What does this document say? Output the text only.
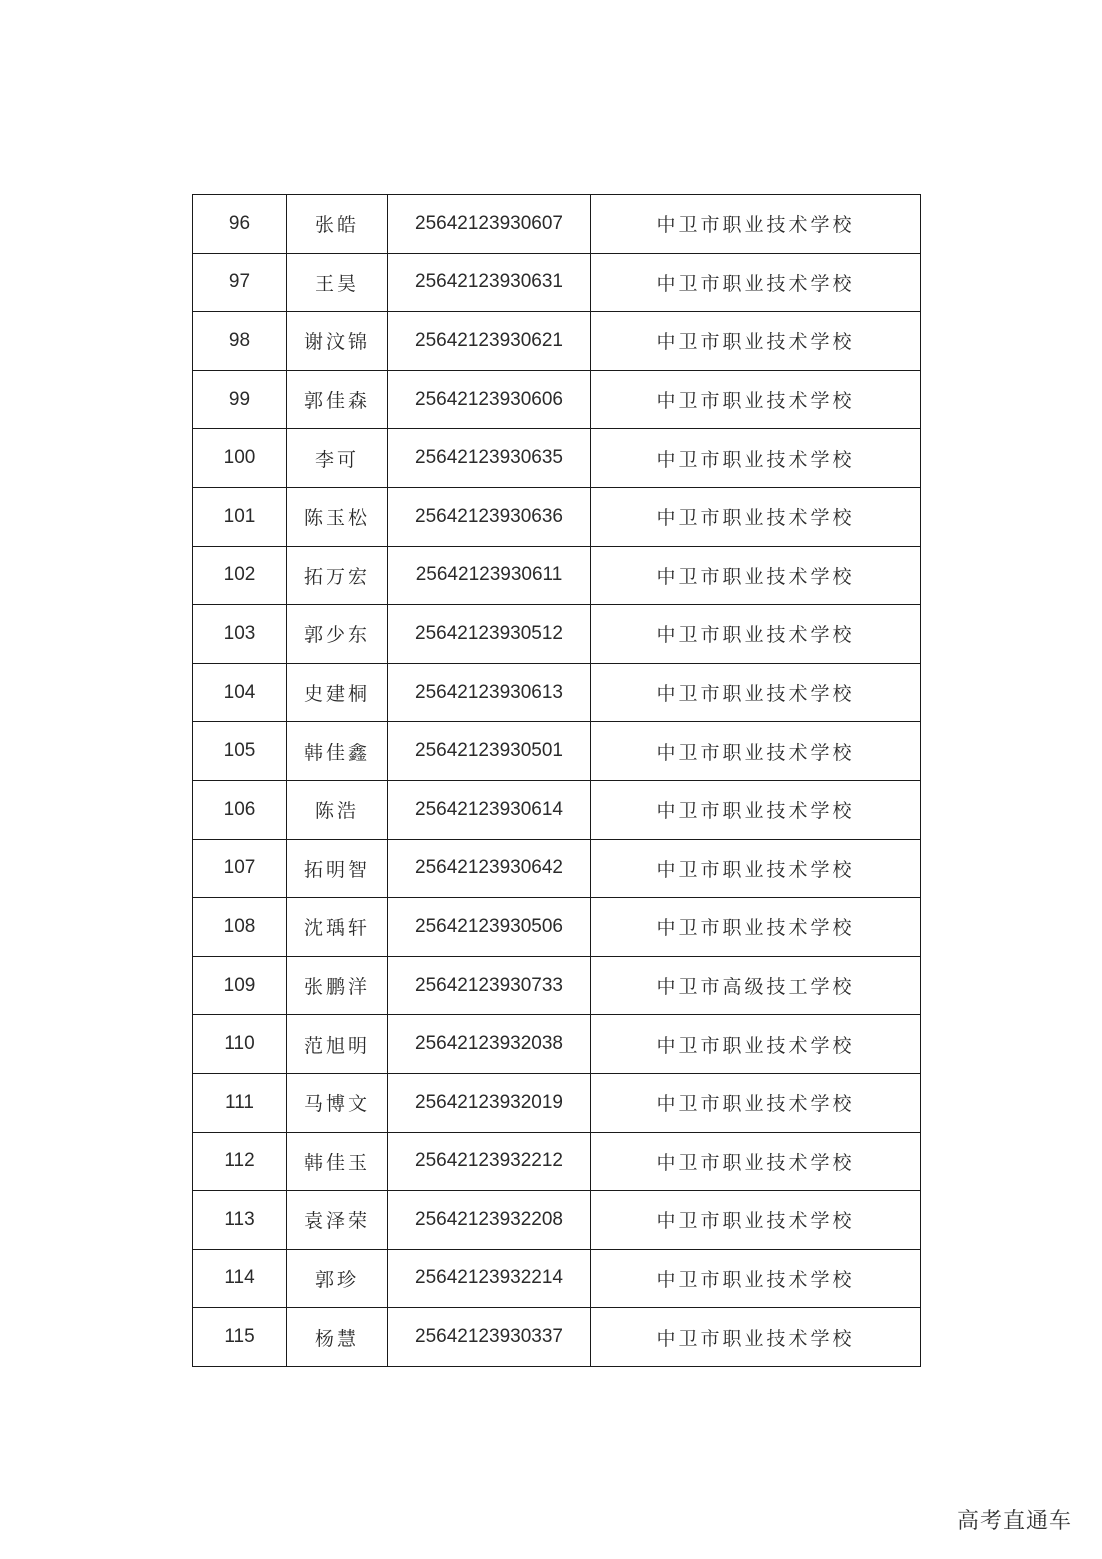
96	张皓	25642123930607	中卫市职业技术学校
97	王昊	25642123930631	中卫市职业技术学校
98	谢汶锦	25642123930621	中卫市职业技术学校
99	郭佳森	25642123930606	中卫市职业技术学校
100	李可	25642123930635	中卫市职业技术学校
101	陈玉松	25642123930636	中卫市职业技术学校
102	拓万宏	25642123930611	中卫市职业技术学校
103	郭少东	25642123930512	中卫市职业技术学校
104	史建桐	25642123930613	中卫市职业技术学校
105	韩佳鑫	25642123930501	中卫市职业技术学校
106	陈浩	25642123930614	中卫市职业技术学校
107	拓明智	25642123930642	中卫市职业技术学校
108	沈瑀轩	25642123930506	中卫市职业技术学校
109	张鹏洋	25642123930733	中卫市高级技工学校
110	范旭明	25642123932038	中卫市职业技术学校
111	马博文	25642123932019	中卫市职业技术学校
112	韩佳玉	25642123932212	中卫市职业技术学校
113	袁泽荣	25642123932208	中卫市职业技术学校
114	郭珍	25642123932214	中卫市职业技术学校
115	杨慧	25642123930337	中卫市职业技术学校
高考直通车
